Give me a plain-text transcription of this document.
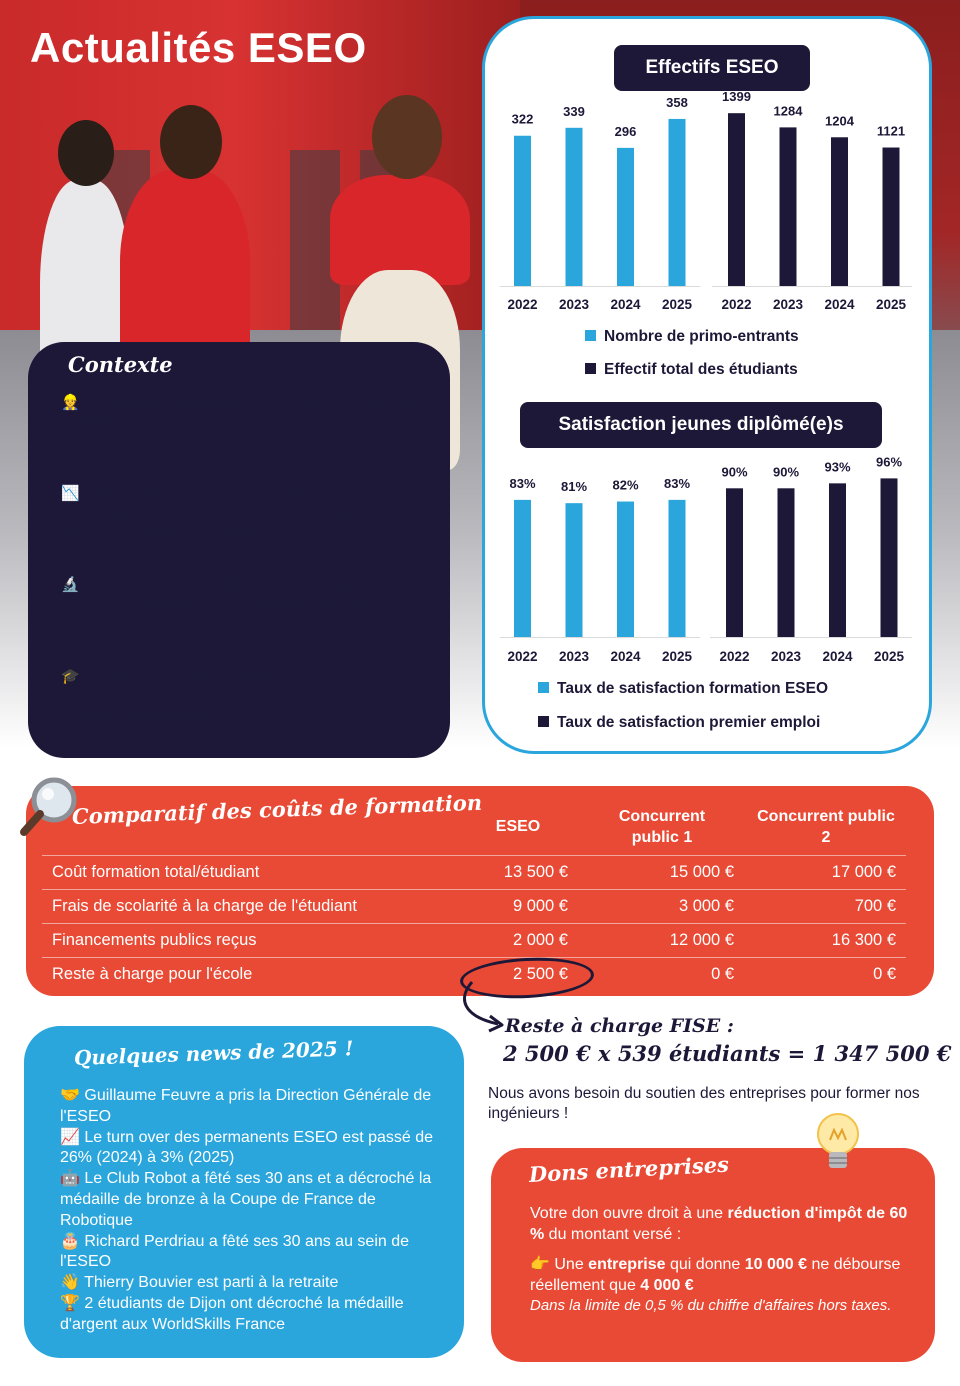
Actualités ESEO	Effectifs ESEO
Satisfaction jeunes diplômé(e)s
322
2022
339
2023
296
2024
358
2025
1399
2022
1284
2023
1204
2024
1121
2025
83%
2022
81%
2023
82%
2024
83%
2025
90%
2022
90%
2023
93%
2024
96%
2025
Nombre de primo-entrants
Effectif total des étudiants
Taux de satisfaction formation ESEO
Taux de satisfaction premier emploi
Contexte
👷 Le nombre d'ingénieur(e)s formé(e)s en France est insuffisant :
Il en faudrait 20 000 de plus par an pour répondre aux besoins des entreprises.
📉 Démographie française en baisse :
Le nombre de 18-25 ans a baissé de presque 5% en 10 ans, et la tendance s'accentue.
🔬 Désintérêt pour les filières scientifiques :
Le taux de bacheliers S ou équivalents scientifiques a baissé de 10% en 10 ans.
🎓 Explosion de l'offre post-bac :
En 5 ans, le nombre de formations proposées sur ParcoursSup a doublé.
Comparatif des coûts de formation ESEO
Concurrent public 1
Concurrent public 2
Coût formation total/étudiant	13 500 €	15 000 €	17 000 €
Frais de scolarité à la charge de l'étudiant	9 000 €	3 000 €	700 €
Financements publics reçus	2 000 €	12 000 €	16 300 €
Reste à charge pour l'école	2 500 €	0 €	0 €
Reste à charge FISE :
2 500 € x 539 étudiants = 1 347 500 €
Nous avons besoin du soutien des entreprises pour former nos ingénieurs !
Quelques news de 2025 !
🤝 Guillaume Feuvre a pris la Direction Générale de l'ESEO
📈 Le turn over des permanents ESEO est passé de 26% (2024) à 3% (2025)
🤖 Le Club Robot a fêté ses 30 ans et a décroché la médaille de bronze à la Coupe de France de Robotique
🎂 Richard Perdriau a fêté ses 30 ans au sein de l'ESEO
👋 Thierry Bouvier est parti à la retraite
🏆 2 étudiants de Dijon ont décroché la médaille d'argent aux WorldSkills France
Dons entreprises
Votre don ouvre droit à une réduction d'impôt de 60 % du montant versé :
👉 Une entreprise qui donne 10 000 € ne débourse réellement que 4 000 €
Dans la limite de 0,5 % du chiffre d'affaires hors taxes.
